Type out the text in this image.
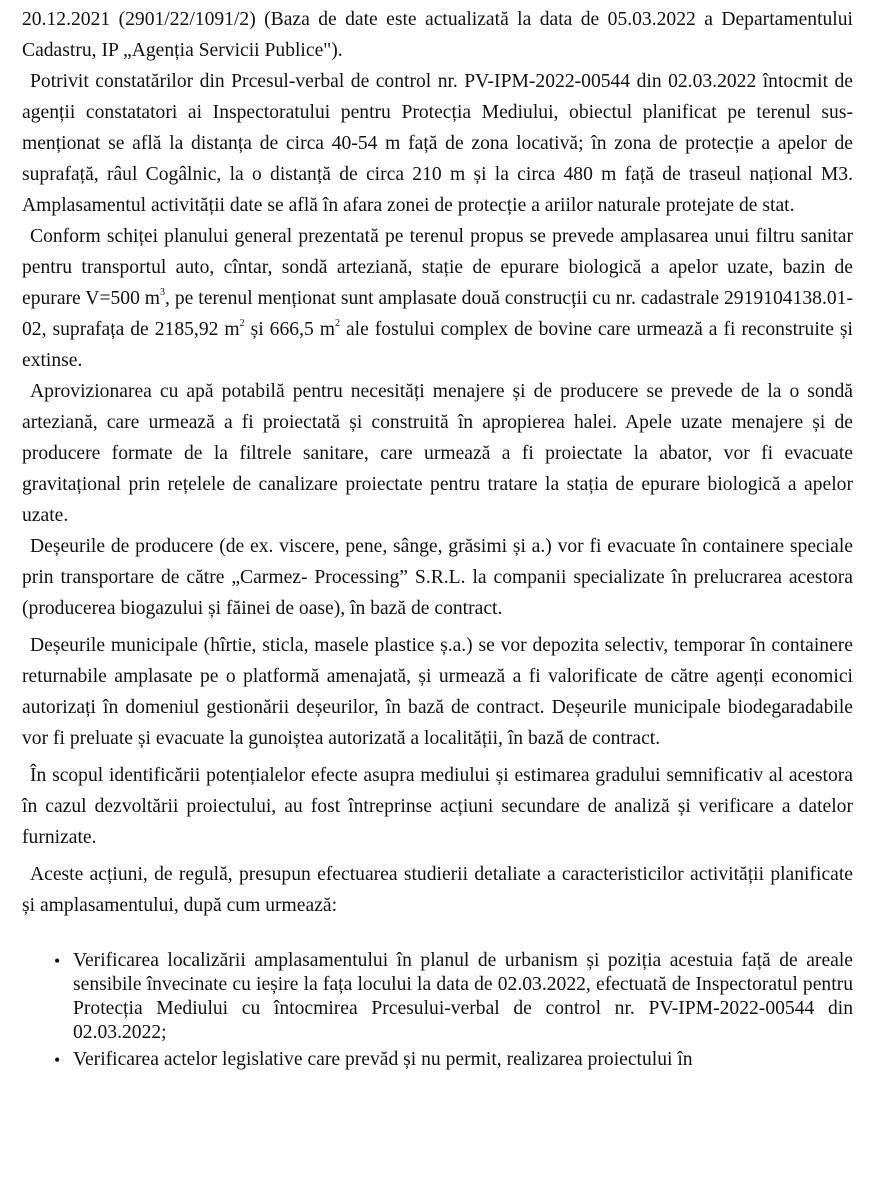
20.12.2021 (2901/22/1091/2) (Baza de date este actualizată la data de 05.03.2022 a Departamentului Cadastru, IP „Agenția Servicii Publice").

Potrivit constatărilor din Prcesul-verbal de control nr. PV-IPM-2022-00544 din 02.03.2022 întocmit de agenții constatatori ai Inspectoratului pentru Protecția Mediului, obiectul planificat pe terenul sus-menționat se află la distanța de circa 40-54 m față de zona locativă; în zona de protecție a apelor de suprafață, râul Cogâlnic, la o distanță de circa 210 m și la circa 480 m față de traseul național M3. Amplasamentul activității date se află în afara zonei de protecție a ariilor naturale protejate de stat.

Conform schiței planului general prezentată pe terenul propus se prevede amplasarea unui filtru sanitar pentru transportul auto, cîntar, sondă arteziană, stație de epurare biologică a apelor uzate, bazin de epurare V=500 $m^3$, pe terenul menționat sunt amplasate două construcții cu nr. cadastrale 2919104138.01-02, suprafața de 2185,92 $m^2$ și 666,5 $m^2$ ale fostului complex de bovine care urmează a fi reconstruite și extinse.

Aprovizionarea cu apă potabilă pentru necesități menajere și de producere se prevede de la o sondă arteziană, care urmează a fi proiectată și construită în apropierea halei. Apele uzate menajere și de producere formate de la filtrele sanitare, care urmează a fi proiectate la abator, vor fi evacuate gravitațional prin rețelele de canalizare proiectate pentru tratare la stația de epurare biologică a apelor uzate.

Deșeurile de producere (de ex. viscere, pene, sânge, grăsimi și a.) vor fi evacuate în containere speciale prin transportare de către „Carmez- Processing” S.R.L. la companii specializate în prelucrarea acestora (producerea biogazului și făinei de oase), în bază de contract.

Deșeurile municipale (hîrtie, sticla, masele plastice ș.a.) se vor depozita selectiv, temporar în containere returnabile amplasate pe o platformă amenajată, și urmează a fi valorificate de către agenți economici autorizați în domeniul gestionării deșeurilor, în bază de contract. Deșeurile municipale biodegaradabile vor fi preluate și evacuate la gunoiștea autorizată a localității, în bază de contract.

În scopul identificării potențialelor efecte asupra mediului și estimarea gradului semnificativ al acestora în cazul dezvoltării proiectului, au fost întreprinse acțiuni secundare de analiză și verificare a datelor furnizate.

Aceste acțiuni, de regulă, presupun efectuarea studierii detaliate a caracteristicilor activității planificate și amplasamentului, după cum urmează:

• Verificarea localizării amplasamentului în planul de urbanism și poziția acestuia față de areale sensibile învecinate cu ieșire la fața locului la data de 02.03.2022, efectuată de Inspectoratul pentru Protecția Mediului cu întocmirea Prcesului-verbal de control nr. PV-IPM-2022-00544 din 02.03.2022;
• Verificarea actelor legislative care prevăd și nu permit, realizarea proiectului în
